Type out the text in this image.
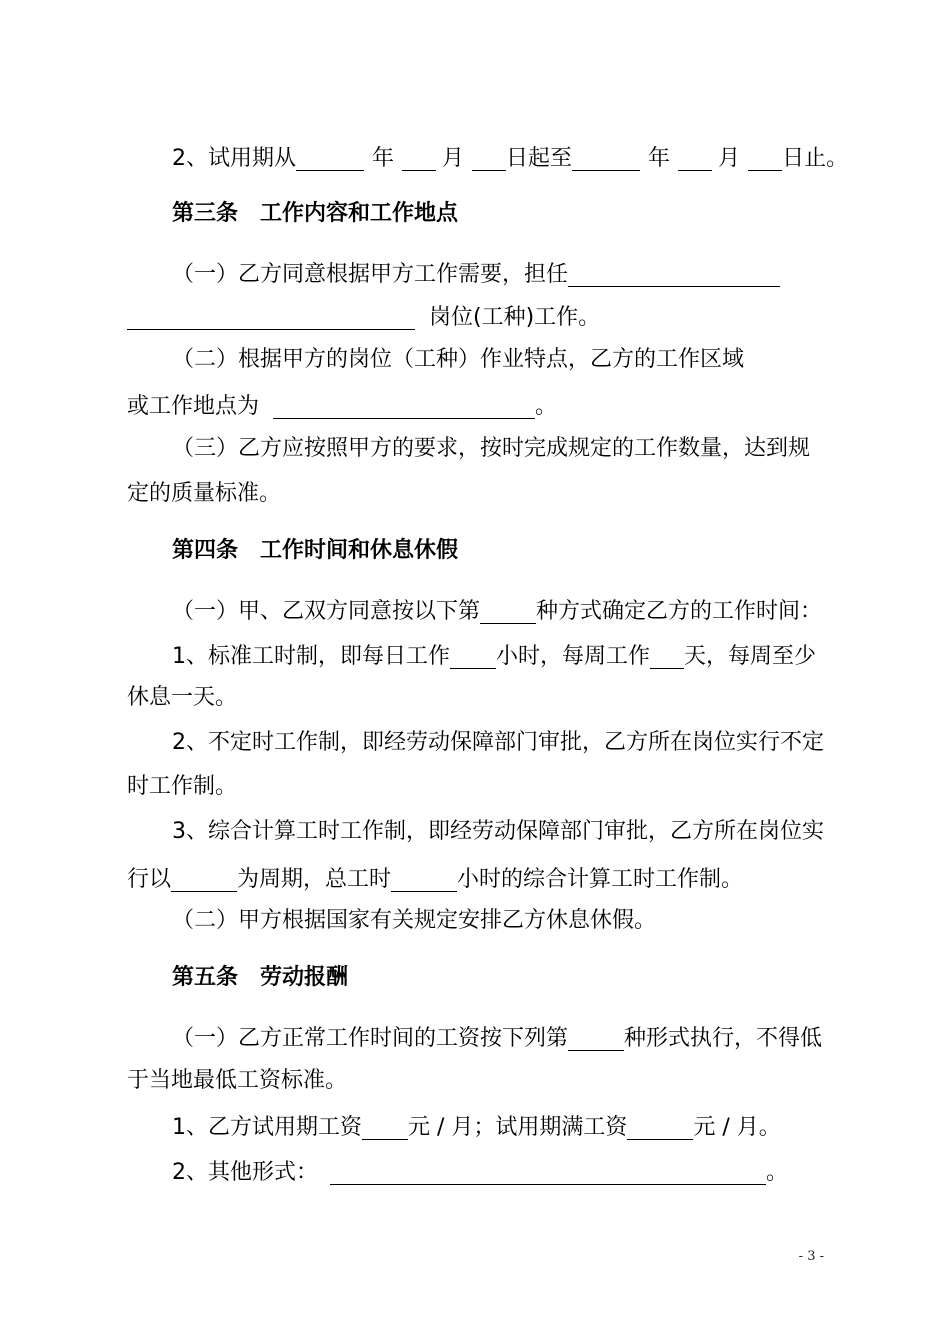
2、试用期从	年 月 日起至	年 月 日止。
第三条　工作内容和工作地点
（一）乙方同意根据甲方工作需要，担任
岗位(工种)工作。
（二）根据甲方的岗位（工种）作业特点，乙方的工作区域
或工作地点为	。
（三）乙方应按照甲方的要求，按时完成规定的工作数量，达到规
定的质量标准。
第四条　工作时间和休息休假
（一）甲、乙双方同意按以下第	种方式确定乙方的工作时间：
1、标准工时制，即每日工作 小时，每周工作 天，每周至少
休息一天。
2、不定时工作制，即经劳动保障部门审批，乙方所在岗位实行不定
时工作制。
3、综合计算工时工作制，即经劳动保障部门审批，乙方所在岗位实
行以	为周期，总工时	小时的综合计算工时工作制。
（二）甲方根据国家有关规定安排乙方休息休假。
第五条　劳动报酬
（一）乙方正常工作时间的工资按下列第	种形式执行，不得低
于当地最低工资标准。
1、乙方试用期工资 元 / 月；试用期满工资	元 / 月。
2、其他形式：	。
- 3 -
